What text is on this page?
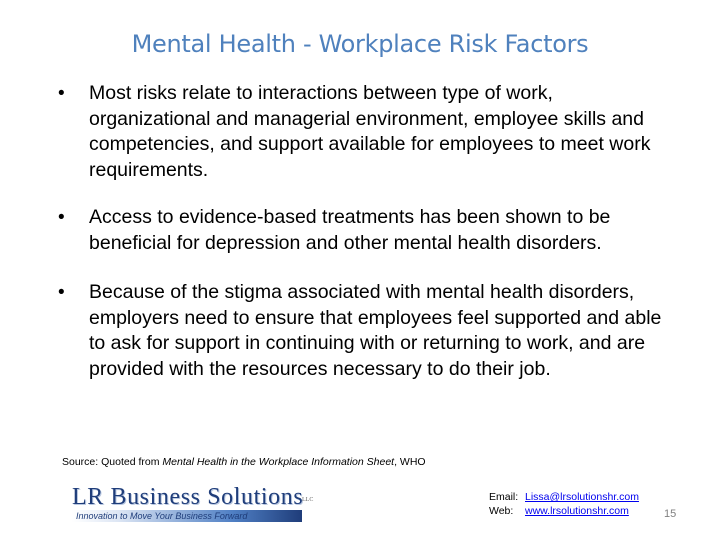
Mental Health - Workplace Risk Factors
•	Most risks relate to interactions between type of work, organizational and managerial environment, employee skills and competencies, and support available for employees to meet work requirements.
•	Access to evidence-based treatments has been shown to be beneficial for depression and other mental health disorders.
•	Because of the stigma associated with mental health disorders, employers need to ensure that employees feel supported and able to ask for support in continuing with or returning to work, and are provided with the resources necessary to do their job.
Source: Quoted from Mental Health in the Workplace Information Sheet, WHO
LR Business Solutions
LLC
Innovation to Move Your Business Forward
Email: Lissa@lrsolutionshr.com
Web: www.lrsolutionshr.com	15
